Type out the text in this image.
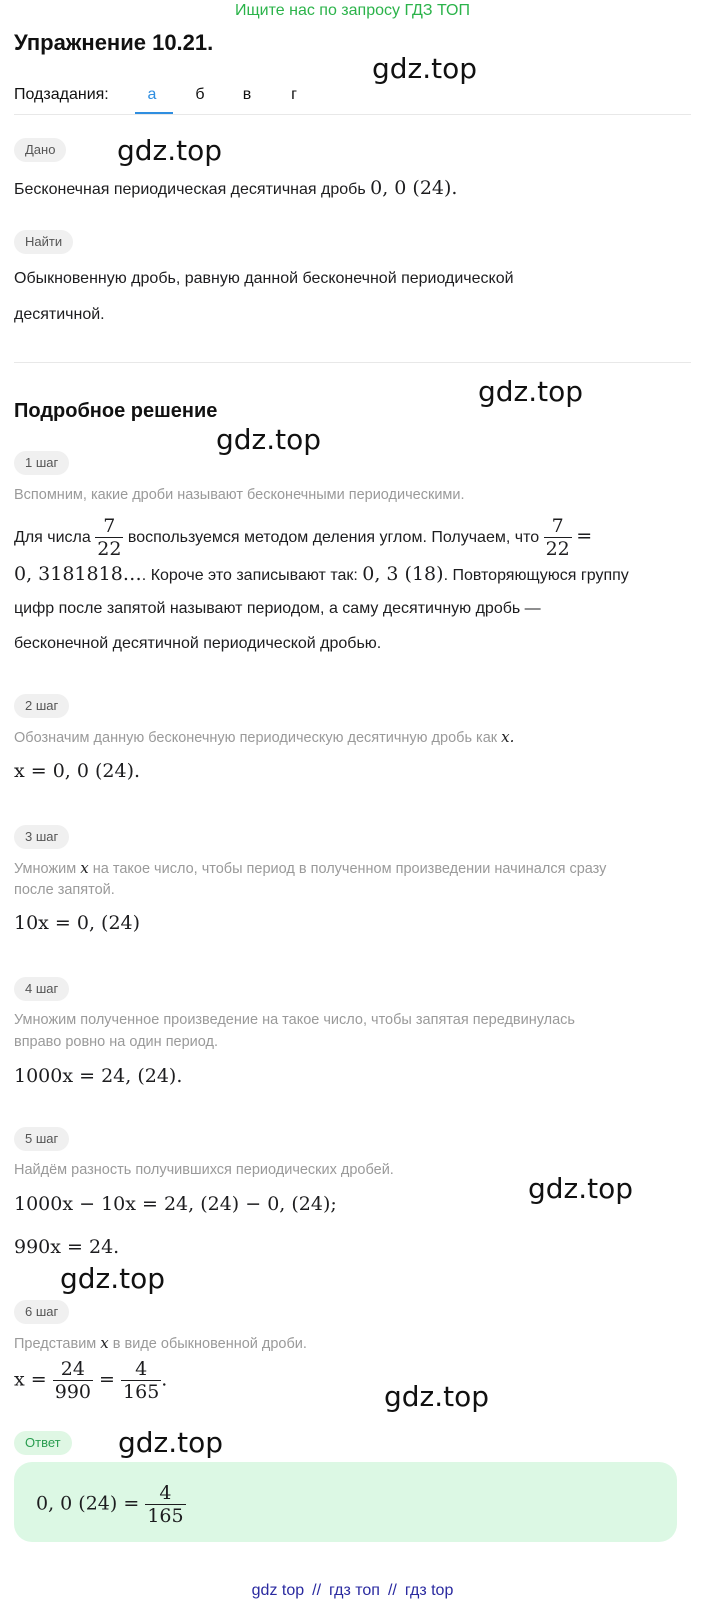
Ищите нас по запросу ГДЗ ТОП
Упражнение 10.21.
gdz.top
gdz.top
gdz.top
gdz.top
gdz.top
gdz.top
gdz.top
gdz.top
Подзадания:	а	б	в	г
Дано
Бесконечная периодическая десятичная дробь 0, 0 (24).
Найти
Обыкновенную дробь, равную данной бесконечной периодической
десятичной.
Подробное решение
1 шаг
Вспомним, какие дроби называют бесконечными периодическими.
Для числа $\frac{7}{22}$ воспользуемся методом деления углом. Получаем, что $\frac{7}{22}$ =
0, 3181818…. Короче это записывают так: 0, 3 (18). Повторяющуюся группу
цифр после запятой называют периодом, а саму десятичную дробь —
бесконечной десятичной периодической дробью.
2 шаг
Обозначим данную бесконечную периодическую десятичную дробь как x.
x = 0, 0 (24).
3 шаг
Умножим x на такое число, чтобы период в полученном произведении начинался сразу
после запятой.
10x = 0, (24)
4 шаг
Умножим полученное произведение на такое число, чтобы запятая передвинулась
вправо ровно на один период.
1000x = 24, (24).
5 шаг
Найдём разность получившихся периодических дробей.
1000x − 10x = 24, (24) − 0, (24);
990x = 24.
6 шаг
Представим x в виде обыкновенной дроби.
$x = \frac{24}{990} = \frac{4}{165}$ .
Ответ
0, 0 $(24) = \frac{4}{165}$
gdz top // гдз топ // гдз top
